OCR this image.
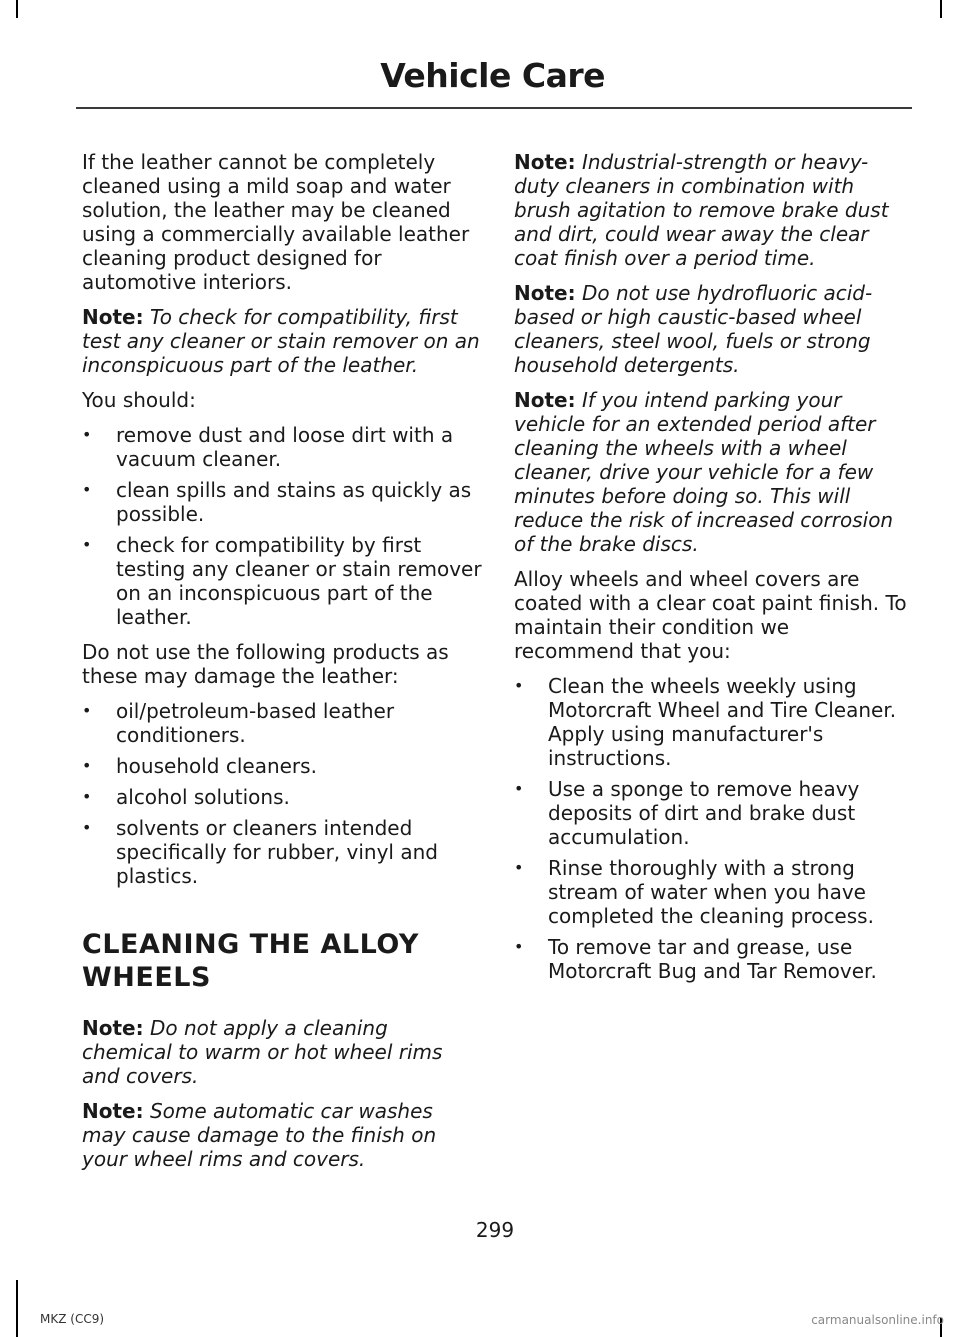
Vehicle Care

If the leather cannot be completely cleaned using a mild soap and water solution, the leather may be cleaned using a commercially available leather cleaning product designed for automotive interiors.

Note: To check for compatibility, first test any cleaner or stain remover on an inconspicuous part of the leather.

You should:

• remove dust and loose dirt with a vacuum cleaner.
• clean spills and stains as quickly as possible.
• check for compatibility by first testing any cleaner or stain remover on an inconspicuous part of the leather.

Do not use the following products as these may damage the leather:

• oil/petroleum-based leather conditioners.
• household cleaners.
• alcohol solutions.
• solvents or cleaners intended specifically for rubber, vinyl and plastics.
CLEANING THE ALLOY
WHEELS

Note: Do not apply a cleaning chemical to warm or hot wheel rims and covers.

Note: Some automatic car washes may cause damage to the finish on your wheel rims and covers.

Note: Industrial-strength or heavy-duty cleaners in combination with brush agitation to remove brake dust and dirt, could wear away the clear coat finish over a period time.

Note: Do not use hydrofluoric acid-based or high caustic-based wheel cleaners, steel wool, fuels or strong household detergents.

Note: If you intend parking your vehicle for an extended period after cleaning the wheels with a wheel cleaner, drive your vehicle for a few minutes before doing so. This will reduce the risk of increased corrosion of the brake discs.

Alloy wheels and wheel covers are coated with a clear coat paint finish. To maintain their condition we recommend that you:

• Clean the wheels weekly using Motorcraft Wheel and Tire Cleaner. Apply using manufacturer's instructions.
• Use a sponge to remove heavy deposits of dirt and brake dust accumulation.
• Rinse thoroughly with a strong stream of water when you have completed the cleaning process.
• To remove tar and grease, use Motorcraft Bug and Tar Remover.
299
MKZ (CC9)	carmanualsonline.info
